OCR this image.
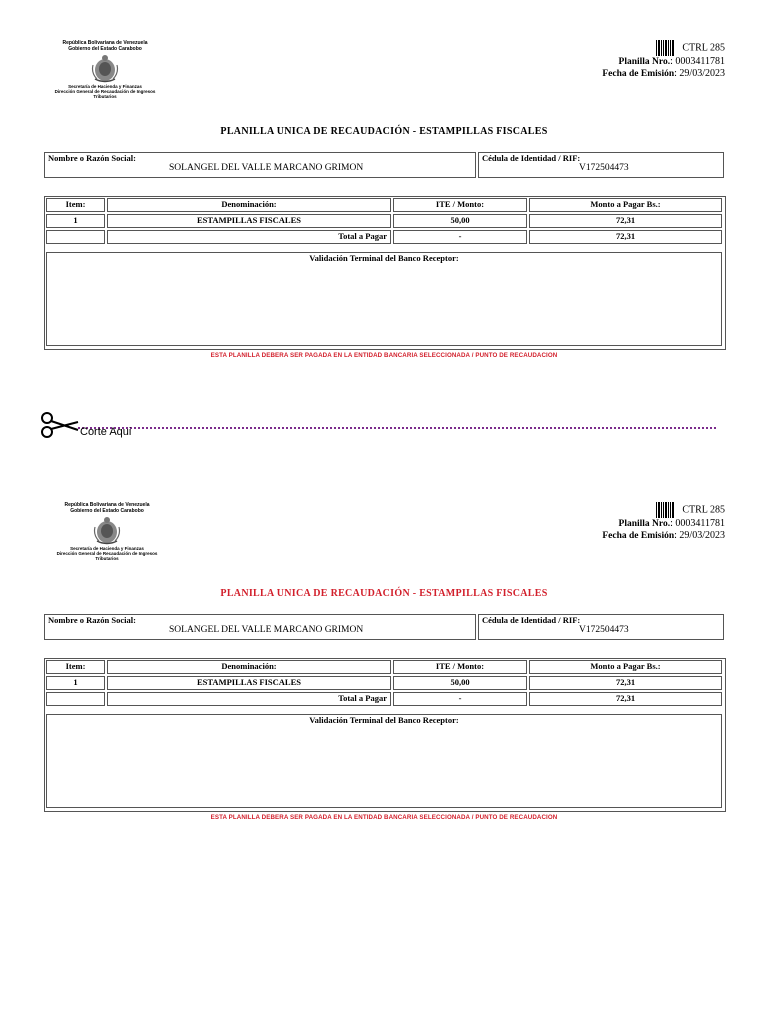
República Bolivariana de Venezuela
Gobierno del Estado Carabobo
Secretaría de Hacienda y Finanzas
Dirección General de Recaudación de Ingresos
Tributarios
CTRL 285
Planilla Nro.: 0003411781
Fecha de Emisión: 29/03/2023
PLANILLA UNICA DE RECAUDACIÓN - ESTAMPILLAS FISCALES
Nombre o Razón Social:
SOLANGEL DEL VALLE MARCANO GRIMON
Cédula de Identidad / RIF:
V172504473
Item:	Denominación:	ITE / Monto:	Monto a Pagar Bs.:
1	ESTAMPILLAS FISCALES	50,00	72,31
Total a Pagar	-	72,31
Validación Terminal del Banco Receptor:
ESTA PLANILLA DEBERA SER PAGADA EN LA ENTIDAD BANCARIA SELECCIONADA / PUNTO DE RECAUDACION
Corte Aqui
República Bolivariana de Venezuela
Gobierno del Estado Carabobo
Secretaría de Hacienda y Finanzas
Dirección General de Recaudación de Ingresos
Tributarios
CTRL 285
Planilla Nro.: 0003411781
Fecha de Emisión: 29/03/2023
PLANILLA UNICA DE RECAUDACIÓN - ESTAMPILLAS FISCALES
Nombre o Razón Social:
SOLANGEL DEL VALLE MARCANO GRIMON
Cédula de Identidad / RIF:
V172504473
Item:	Denominación:	ITE / Monto:	Monto a Pagar Bs.:
1	ESTAMPILLAS FISCALES	50,00	72,31
Total a Pagar	-	72,31
Validación Terminal del Banco Receptor:
ESTA PLANILLA DEBERA SER PAGADA EN LA ENTIDAD BANCARIA SELECCIONADA / PUNTO DE RECAUDACION
